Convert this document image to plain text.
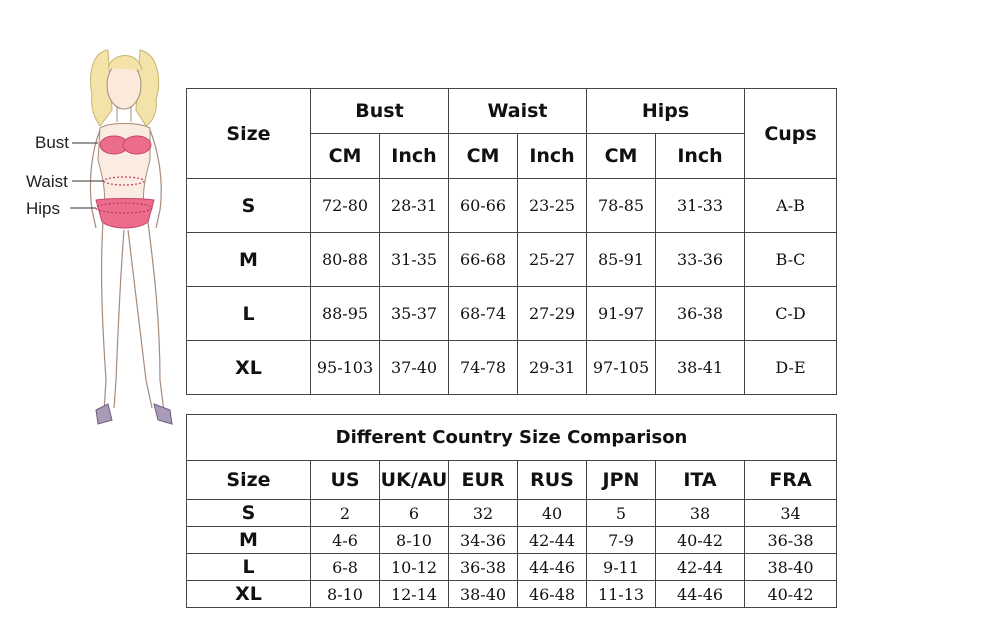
Bust
Waist
Hips
Size	Bust		Waist		Hips		Cups
	CM	Inch	CM	Inch	CM	Inch	
S	72-80	28-31	60-66	23-25	78-85	31-33	A-B
M	80-88	31-35	66-68	25-27	85-91	33-36	B-C
L	88-95	35-37	68-74	27-29	91-97	36-38	C-D
XL	95-103	37-40	74-78	29-31	97-105	38-41	D-E
Different Country Size Comparison							
Size	US	UK/AU	EUR	RUS	JPN	ITA	FRA
S	2	6	32	40	5	38	34
M	4-6	8-10	34-36	42-44	7-9	40-42	36-38
L	6-8	10-12	36-38	44-46	9-11	42-44	38-40
XL	8-10	12-14	38-40	46-48	11-13	44-46	40-42
